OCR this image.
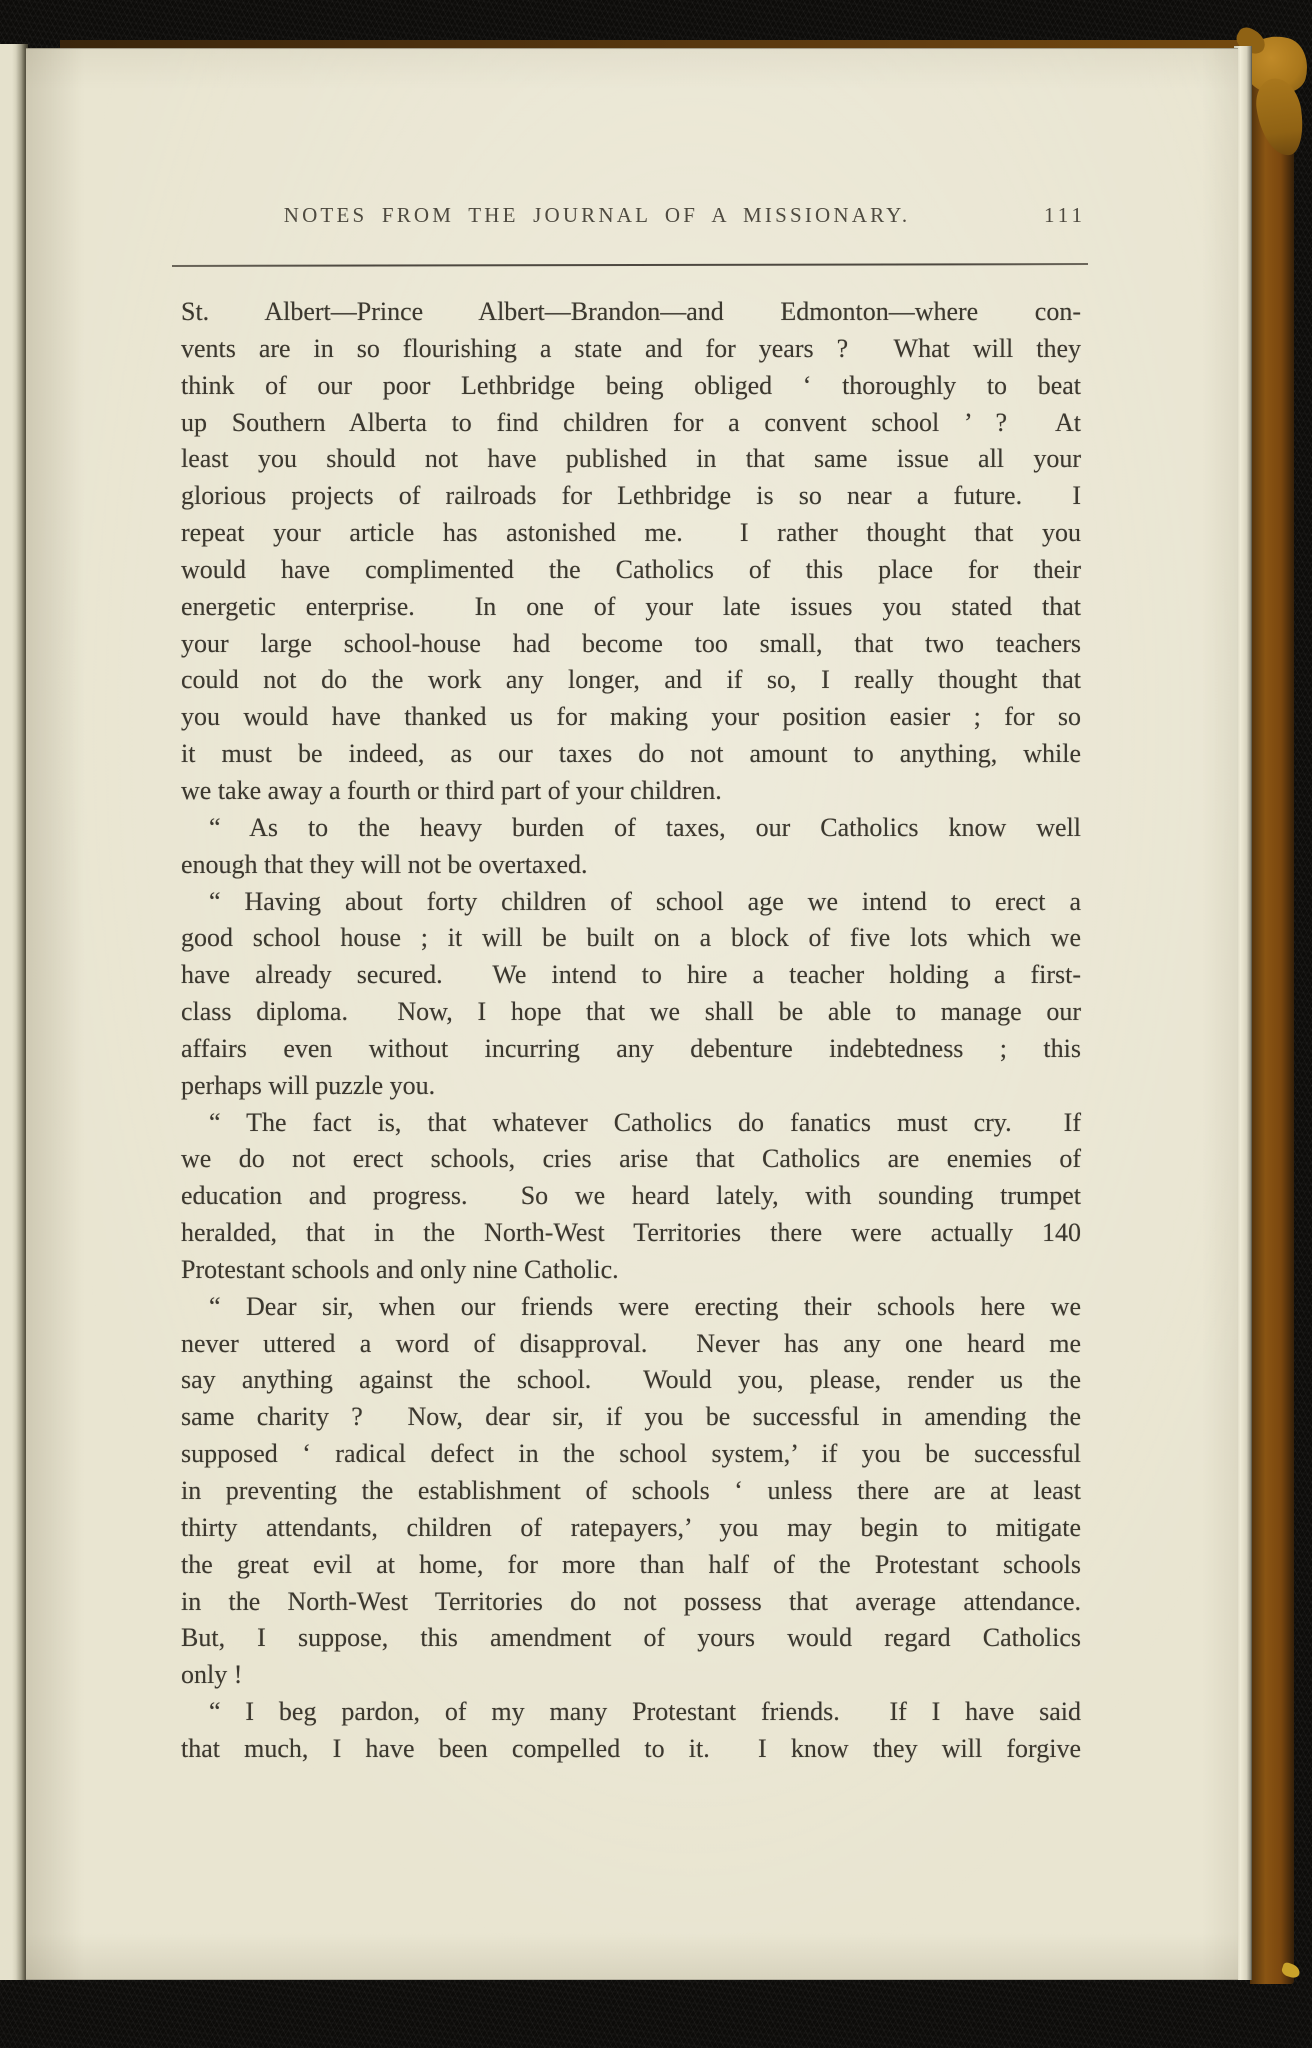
NOTES FROM THE JOURNAL OF A MISSIONARY.	111
St. Albert—Prince Albert—Brandon—and Edmonton—where con-
vents are in so flourishing a state and for years ?  What will they
think of our poor Lethbridge being obliged ‘ thoroughly to beat
up Southern Alberta to find children for a convent school ’ ?  At
least you should not have published in that same issue all your
glorious projects of railroads for Lethbridge is so near a future.  I
repeat your article has astonished me.  I rather thought that you
would have complimented the Catholics of this place for their
energetic enterprise.  In one of your late issues you stated that
your large school-house had become too small, that two teachers
could not do the work any longer, and if so, I really thought that
you would have thanked us for making your position easier ; for so
it must be indeed, as our taxes do not amount to anything, while
we take away a fourth or third part of your children.
“ As to the heavy burden of taxes, our Catholics know well
enough that they will not be overtaxed.
“ Having about forty children of school age we intend to erect a
good school house ; it will be built on a block of five lots which we
have already secured.  We intend to hire a teacher holding a first-
class diploma.  Now, I hope that we shall be able to manage our
affairs even without incurring any debenture indebtedness ; this
perhaps will puzzle you.
“ The fact is, that whatever Catholics do fanatics must cry.  If
we do not erect schools, cries arise that Catholics are enemies of
education and progress.  So we heard lately, with sounding trumpet
heralded, that in the North-West Territories there were actually 140
Protestant schools and only nine Catholic.
“ Dear sir, when our friends were erecting their schools here we
never uttered a word of disapproval.  Never has any one heard me
say anything against the school.  Would you, please, render us the
same charity ?  Now, dear sir, if you be successful in amending the
supposed ‘ radical defect in the school system,’ if you be successful
in preventing the establishment of schools ‘ unless there are at least
thirty attendants, children of ratepayers,’ you may begin to mitigate
the great evil at home, for more than half of the Protestant schools
in the North-West Territories do not possess that average attendance.
But, I suppose, this amendment of yours would regard Catholics
only !
“ I beg pardon, of my many Protestant friends.  If I have said
that much, I have been compelled to it.  I know they will forgive
